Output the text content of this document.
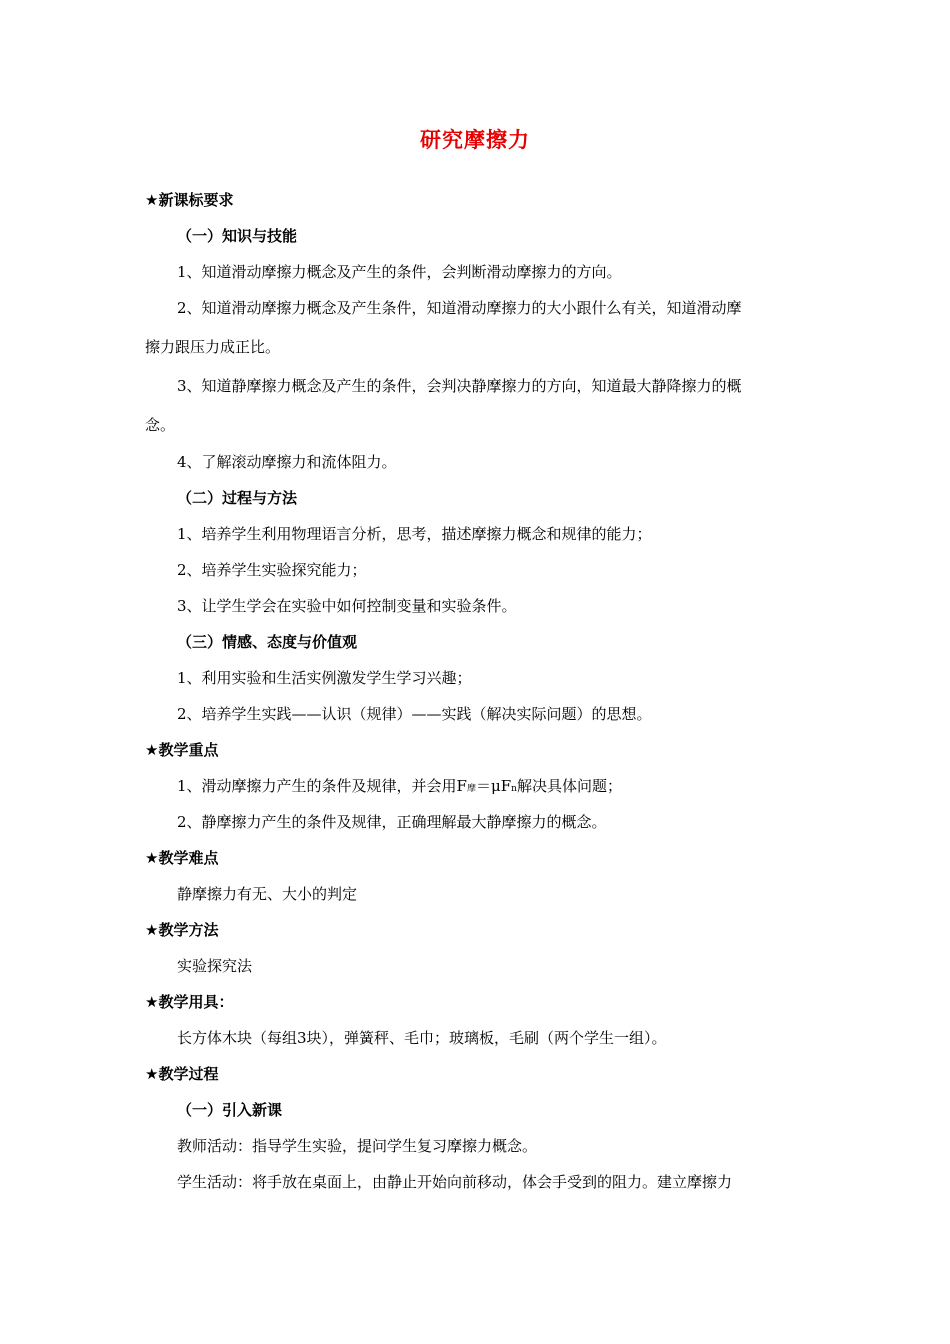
研究摩擦力
★新课标要求
（一）知识与技能
1、知道滑动摩擦力概念及产生的条件，会判断滑动摩擦力的方向。
2、知道滑动摩擦力概念及产生条件，知道滑动摩擦力的大小跟什么有关，知道滑动摩
擦力跟压力成正比。
3、知道静摩擦力概念及产生的条件，会判决静摩擦力的方向，知道最大静降擦力的概
念。
4、了解滚动摩擦力和流体阻力。
（二）过程与方法
1、培养学生利用物理语言分析，思考，描述摩擦力概念和规律的能力；
2、培养学生实验探究能力；
3、让学生学会在实验中如何控制变量和实验条件。
（三）情感、态度与价值观
1、利用实验和生活实例激发学生学习兴趣；
2、培养学生实践——认识（规律）——实践（解决实际问题）的思想。
★教学重点
1、滑动摩擦力产生的条件及规律，并会用F摩＝μFn解决具体问题；
2、静摩擦力产生的条件及规律，正确理解最大静摩擦力的概念。
★教学难点
静摩擦力有无、大小的判定
★教学方法
实验探究法
★教学用具：
长方体木块（每组3块），弹簧秤、毛巾；玻璃板，毛刷（两个学生一组）。
★教学过程
（一）引入新课
教师活动：指导学生实验，提问学生复习摩擦力概念。
学生活动：将手放在桌面上，由静止开始向前移动，体会手受到的阻力。建立摩擦力
